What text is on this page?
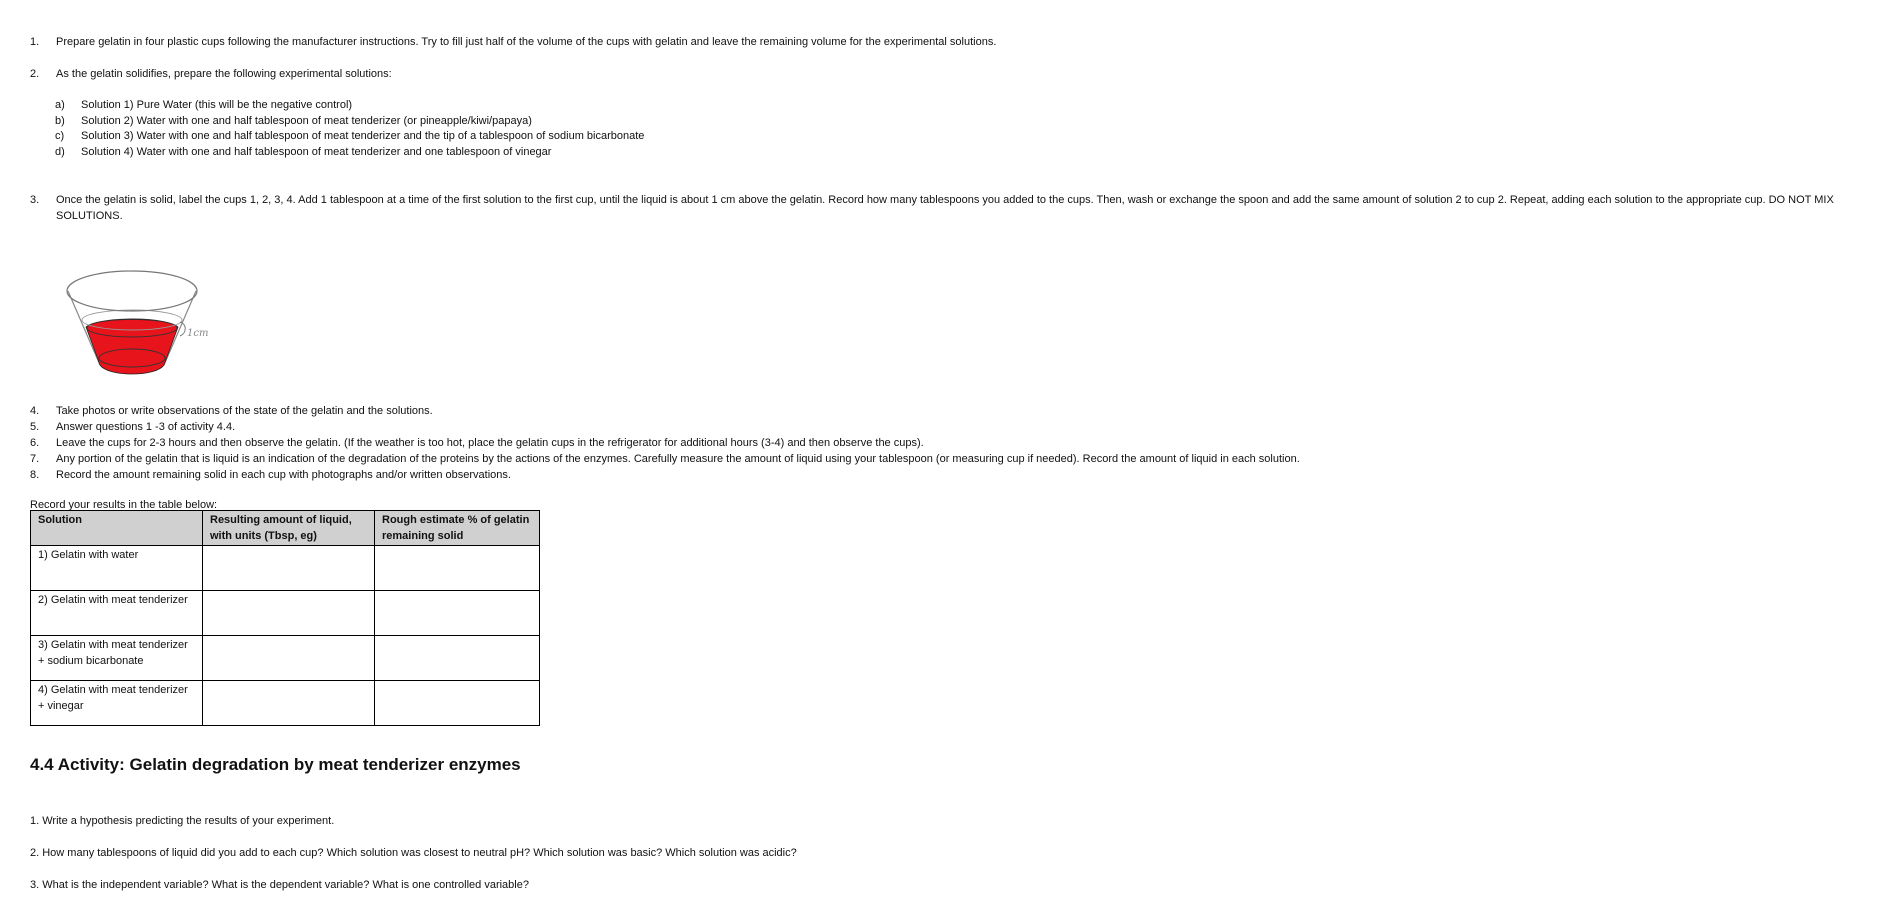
1.	Prepare gelatin in four plastic cups following the manufacturer instructions. Try to fill just half of the volume of the cups with gelatin and leave the remaining volume for the experimental solutions.
2.	As the gelatin solidifies, prepare the following experimental solutions:
a)	Solution 1) Pure Water (this will be the negative control)
b)	Solution 2) Water with one and half tablespoon of meat tenderizer (or pineapple/kiwi/papaya)
c)	Solution 3) Water with one and half tablespoon of meat tenderizer and the tip of a tablespoon of sodium bicarbonate
d)	Solution 4) Water with one and half tablespoon of meat tenderizer and one tablespoon of vinegar
3.	Once the gelatin is solid, label the cups 1, 2, 3, 4. Add 1 tablespoon at a time of the first solution to the first cup, until the liquid is about 1 cm above the gelatin. Record how many tablespoons you added to the cups. Then, wash or exchange the spoon and add the same amount of solution 2 to cup 2. Repeat, adding each solution to the appropriate cup. DO NOT MIX SOLUTIONS.
1cm
4.	Take photos or write observations of the state of the gelatin and the solutions.
5.	Answer questions 1 -3 of activity 4.4.
6.	Leave the cups for 2-3 hours and then observe the gelatin. (If the weather is too hot, place the gelatin cups in the refrigerator for additional hours (3-4) and then observe the cups).
7.	Any portion of the gelatin that is liquid is an indication of the degradation of the proteins by the actions of the enzymes. Carefully measure the amount of liquid using your tablespoon (or measuring cup if needed). Record the amount of liquid in each solution.
8.	Record the amount remaining solid in each cup with photographs and/or written observations.
Record your results in the table below:
Solution	Resulting amount of liquid, with units (Tbsp, eg)	Rough estimate % of gelatin remaining solid
1) Gelatin with water		
2) Gelatin with meat tenderizer		
3) Gelatin with meat tenderizer + sodium bicarbonate		
4) Gelatin with meat tenderizer + vinegar		
4.4 Activity: Gelatin degradation by meat tenderizer enzymes
1. Write a hypothesis predicting the results of your experiment.
2. How many tablespoons of liquid did you add to each cup? Which solution was closest to neutral pH? Which solution was basic? Which solution was acidic?
3. What is the independent variable? What is the dependent variable? What is one controlled variable?
